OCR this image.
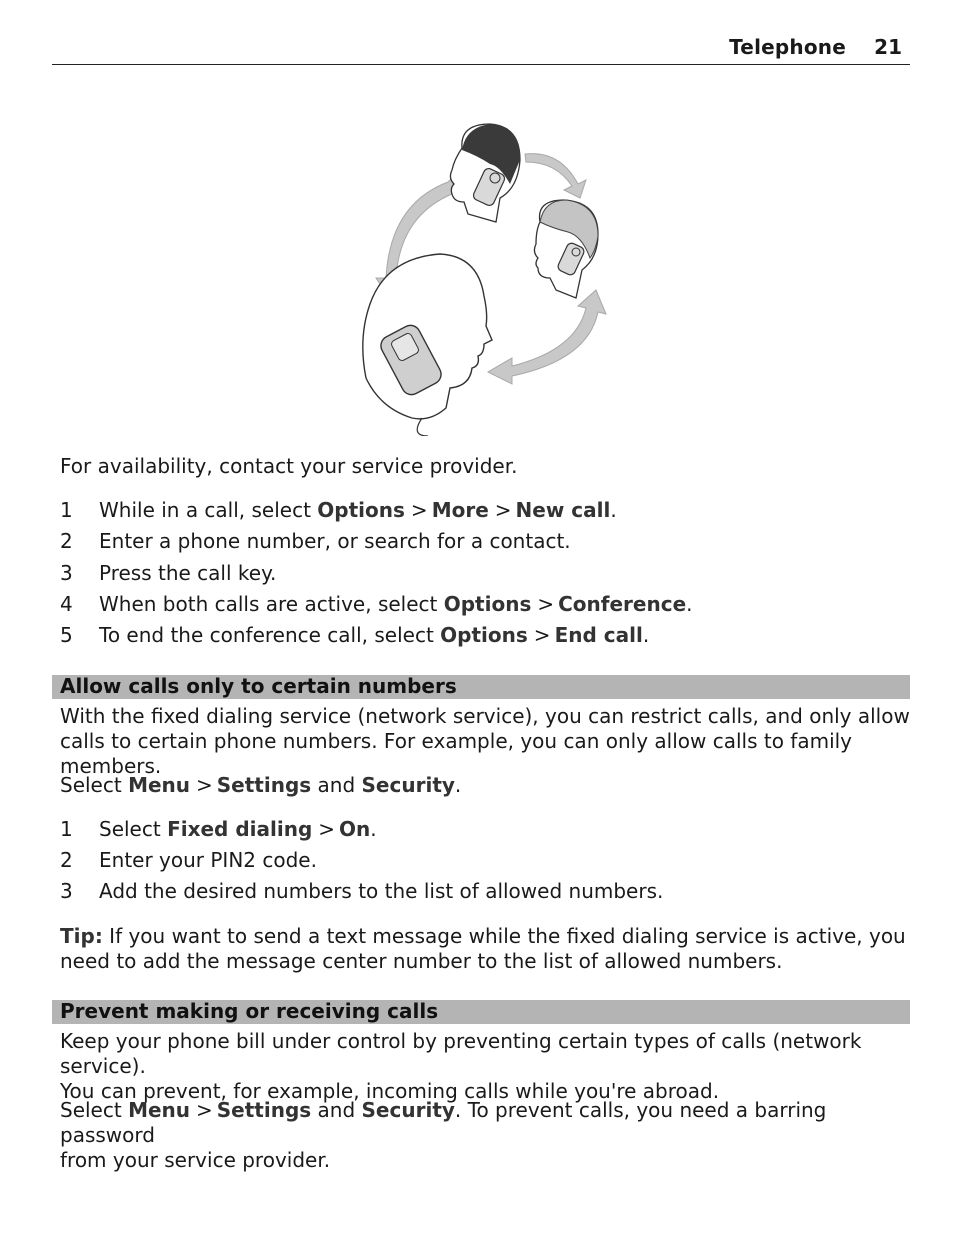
Telephone 21
For availability, contact your service provider.
1	While in a call, select Options > More > New call.
2	Enter a phone number, or search for a contact.
3	Press the call key.
4	When both calls are active, select Options > Conference.
5	To end the conference call, select Options > End call.
Allow calls only to certain numbers
With the fixed dialing service (network service), you can restrict calls, and only allow
calls to certain phone numbers. For example, you can only allow calls to family members.
Select Menu > Settings and Security.
1	Select Fixed dialing > On.
2	Enter your PIN2 code.
3	Add the desired numbers to the list of allowed numbers.
Tip: If you want to send a text message while the fixed dialing service is active, you
need to add the message center number to the list of allowed numbers.
Prevent making or receiving calls
Keep your phone bill under control by preventing certain types of calls (network service).
You can prevent, for example, incoming calls while you're abroad.
Select Menu > Settings and Security. To prevent calls, you need a barring password
from your service provider.
